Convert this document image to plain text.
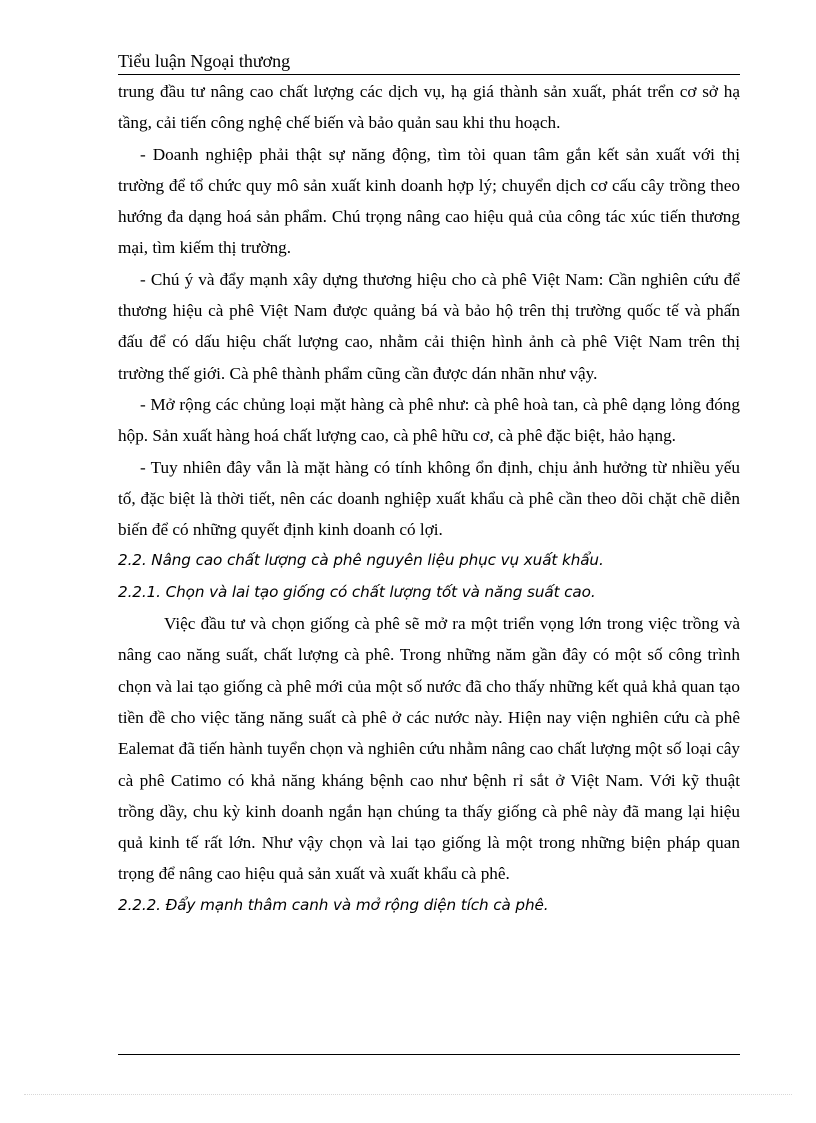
Tiểu luận Ngoại thương

trung đầu tư nâng cao chất lượng các dịch vụ, hạ giá thành sản xuất, phát trển cơ sở hạ tầng, cải tiến công nghệ chế biến và bảo quản sau khi thu hoạch.

- Doanh nghiệp phải thật sự năng động, tìm tòi quan tâm gắn kết sản xuất với thị trường để tổ chức quy mô sản xuất kinh doanh hợp lý; chuyển dịch cơ cấu cây trồng theo hướng đa dạng hoá sản phẩm. Chú trọng nâng cao hiệu quả của công tác xúc tiến thương mại, tìm kiếm thị trường.

- Chú ý và đẩy mạnh xây dựng thương hiệu cho cà phê Việt Nam: Cần nghiên cứu để thương hiệu cà phê Việt Nam được quảng bá và bảo hộ trên thị trường quốc tế và phấn đấu để có dấu hiệu chất lượng cao, nhằm cải thiện hình ảnh cà phê Việt Nam trên thị trường thế giới. Cà phê thành phẩm cũng cần được dán nhãn như vậy.

- Mở rộng các chủng loại mặt hàng cà phê như: cà phê hoà tan, cà phê dạng lỏng đóng hộp. Sản xuất hàng hoá chất lượng cao, cà phê hữu cơ, cà phê đặc biệt, hảo hạng.

- Tuy nhiên đây vẫn là mặt hàng có tính không ổn định, chịu ảnh hưởng từ nhiều yếu tố, đặc biệt là thời tiết, nên các doanh nghiệp xuất khẩu cà phê cần theo dõi chặt chẽ diễn biến để có những quyết định kinh doanh có lợi.

2.2. Nâng cao chất lượng cà phê nguyên liệu phục vụ xuất khẩu.

2.2.1. Chọn và lai tạo giống có chất lượng tốt và năng suất cao.

Việc đầu tư và chọn giống cà phê sẽ mở ra một triển vọng lớn trong việc trồng và nâng cao năng suất, chất lượng cà phê. Trong những năm gần đây có một số công trình chọn và lai tạo giống cà phê mới của một số nước đã cho thấy những kết quả khả quan tạo tiền đề cho việc tăng năng suất cà phê ở các nước này. Hiện nay viện nghiên cứu cà phê Ealemat đã tiến hành tuyển chọn và nghiên cứu nhằm nâng cao chất lượng một số loại cây cà phê Catimo có khả năng kháng bệnh cao như bệnh rỉ sắt ở Việt Nam. Với kỹ thuật trồng dầy, chu kỳ kinh doanh ngắn hạn chúng ta thấy giống cà phê này đã mang lại hiệu quả kinh tế rất lớn. Như vậy chọn và lai tạo giống là một trong những biện pháp quan trọng để nâng cao hiệu quả sản xuất và xuất khẩu cà phê.

2.2.2. Đẩy mạnh thâm canh và mở rộng diện tích cà phê.
